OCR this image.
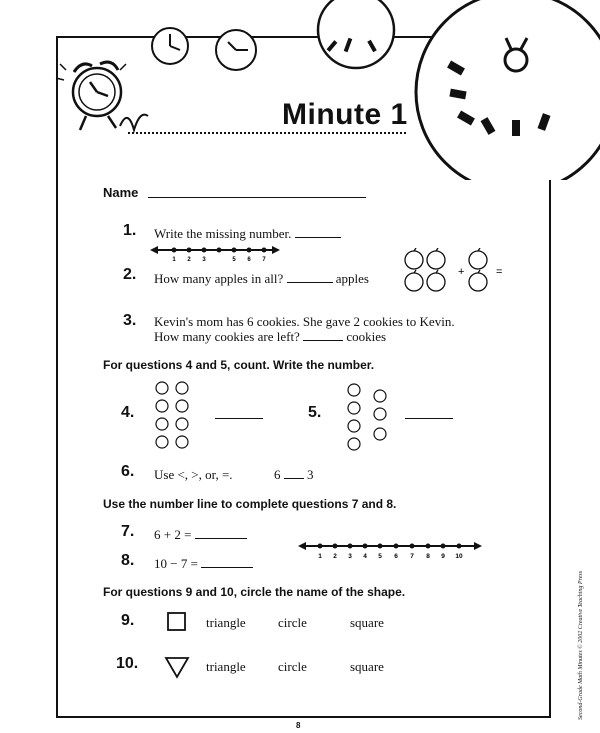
Minute 1
Name
1. Write the missing number.
1 2 3	5 6 7
2. How many apples in all?	apples	+	=
3. Kevin's mom has 6 cookies. She gave 2 cookies to Kevin.
How many cookies are left?	cookies
For questions 4 and 5, count. Write the number.
4.	5.
6. Use <, >, or, =.	6 3
Use the number line to complete questions 7 and 8.
7. 6 + 2 =
8. 10 − 7 =	1 2 3 4 5 6 7 8 9 10
For questions 9 and 10, circle the name of the shape.
9.	triangle circle	square
10.	triangle circle	square
8
Second-Grade Math Minutes © 2002 Creative Teaching Press
